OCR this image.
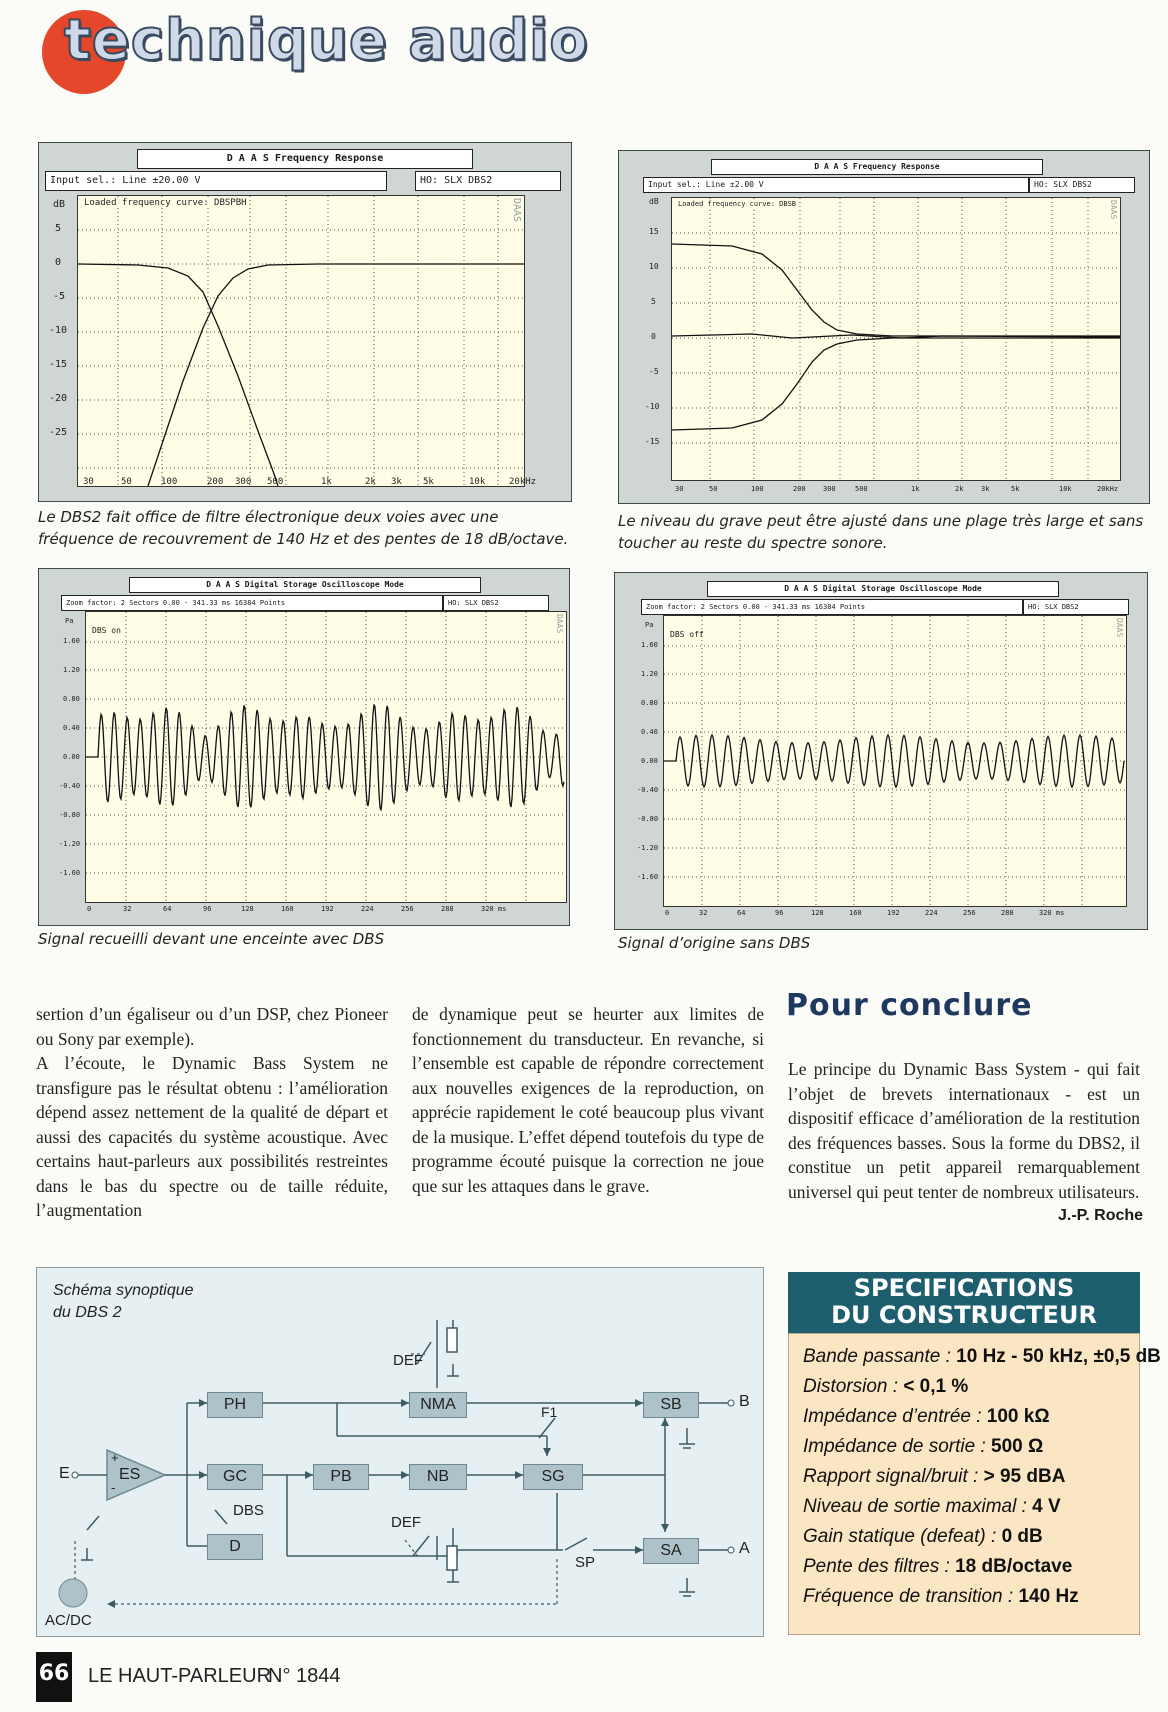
technique audio
D A A S Frequency Response
Input sel.: Line ±20.00 V	HO: SLX DBS2
dB Loaded frequency curve: DBSPBH	DAAS
5
0
-5
-10
-15
-20
-25
30	50	100	200 300 500	1k	2k 3k 5k	10k	20kHz
Le DBS2 fait office de filtre électronique deux voies avec une fréquence de recouvrement de 140 Hz et des pentes de 18 dB/octave.
D A A S Frequency Response
Input sel.: Line ±2.00 V	HO: SLX DBS2
dB	Loaded frequency curve: DBSB	DAAS
15
10
5
0
-5
-10
-15
30	50	100	200 300	500	1k	2k	3k	5k	10k	20kHz
Le niveau du grave peut être ajusté dans une plage très large et sans toucher au reste du spectre sonore.
D A A S Digital Storage Oscilloscope Mode
Zoom factor: 2 Sectors 0.00 - 341.33 ms 16384 Points	HO: SLX DBS2
Pa
DBS on	DAAS
1.60
1.20
0.80
0.40
0.00
-0.40
-0.80
-1.20
-1.60
0	32	64	96	128	160	192	224	256	288	320 ms
Signal recueilli devant une enceinte avec DBS
D A A S Digital Storage Oscilloscope Mode
Zoom factor: 2 Sectors 0.00 - 341.33 ms 16384 Points	HO: SLX DBS2
Pa
DBS off	DAAS
1.60
1.20
0.80
0.40
0.00
-0.40
-0.80
-1.20
-1.60
0	32	64	96	128	160	192	224	256	288	320 ms
Signal d’origine sans DBS

sertion d’un égaliseur ou d’un DSP, chez Pioneer ou Sony par exemple).

A l’écoute, le Dynamic Bass System ne transfigure pas le résultat obtenu : l’amélioration dépend assez nettement de la qualité de départ et aussi des capacités du système acoustique. Avec certains haut-parleurs aux possibilités restreintes dans le bas du spectre ou de taille réduite, l’augmentation

de dynamique peut se heurter aux limites de fonctionnement du transducteur. En revanche, si l’ensemble est capable de répondre correctement aux nouvelles exigences de la reproduction, on apprécie rapidement le coté beaucoup plus vivant de la musique. L’effet dépend toutefois du type de programme écouté puisque la correction ne joue que sur les attaques dans le grave.

Pour conclure

Le principe du Dynamic Bass System - qui fait l’objet de brevets internationaux - est un dispositif efficace d’amélioration de la restitution des fréquences basses. Sous la forme du DBS2, il constitue un petit appareil remarquablement universel qui peut tenter de nombreux utilisateurs.

J.-P. Roche
Schéma synoptique du DBS 2
PH	NMA	SB
ES	GC	PB	NB	SG
D	SA
DEF
DEF
F1
DBS
SP
E
B
A
AC/DC
+
-
SPECIFICATIONS
DU CONSTRUCTEUR
Bande passante : 10 Hz - 50 kHz, ±0,5 dB
Distorsion : < 0,1 %
Impédance d’entrée : 100 kΩ
Impédance de sortie : 500 Ω
Rapport signal/bruit : > 95 dBA
Niveau de sortie maximal : 4 V
Gain statique (defeat) : 0 dB
Pente des filtres : 18 dB/octave
Fréquence de transition : 140 Hz
66 LE HAUT-PARLEUR
N° 1844
